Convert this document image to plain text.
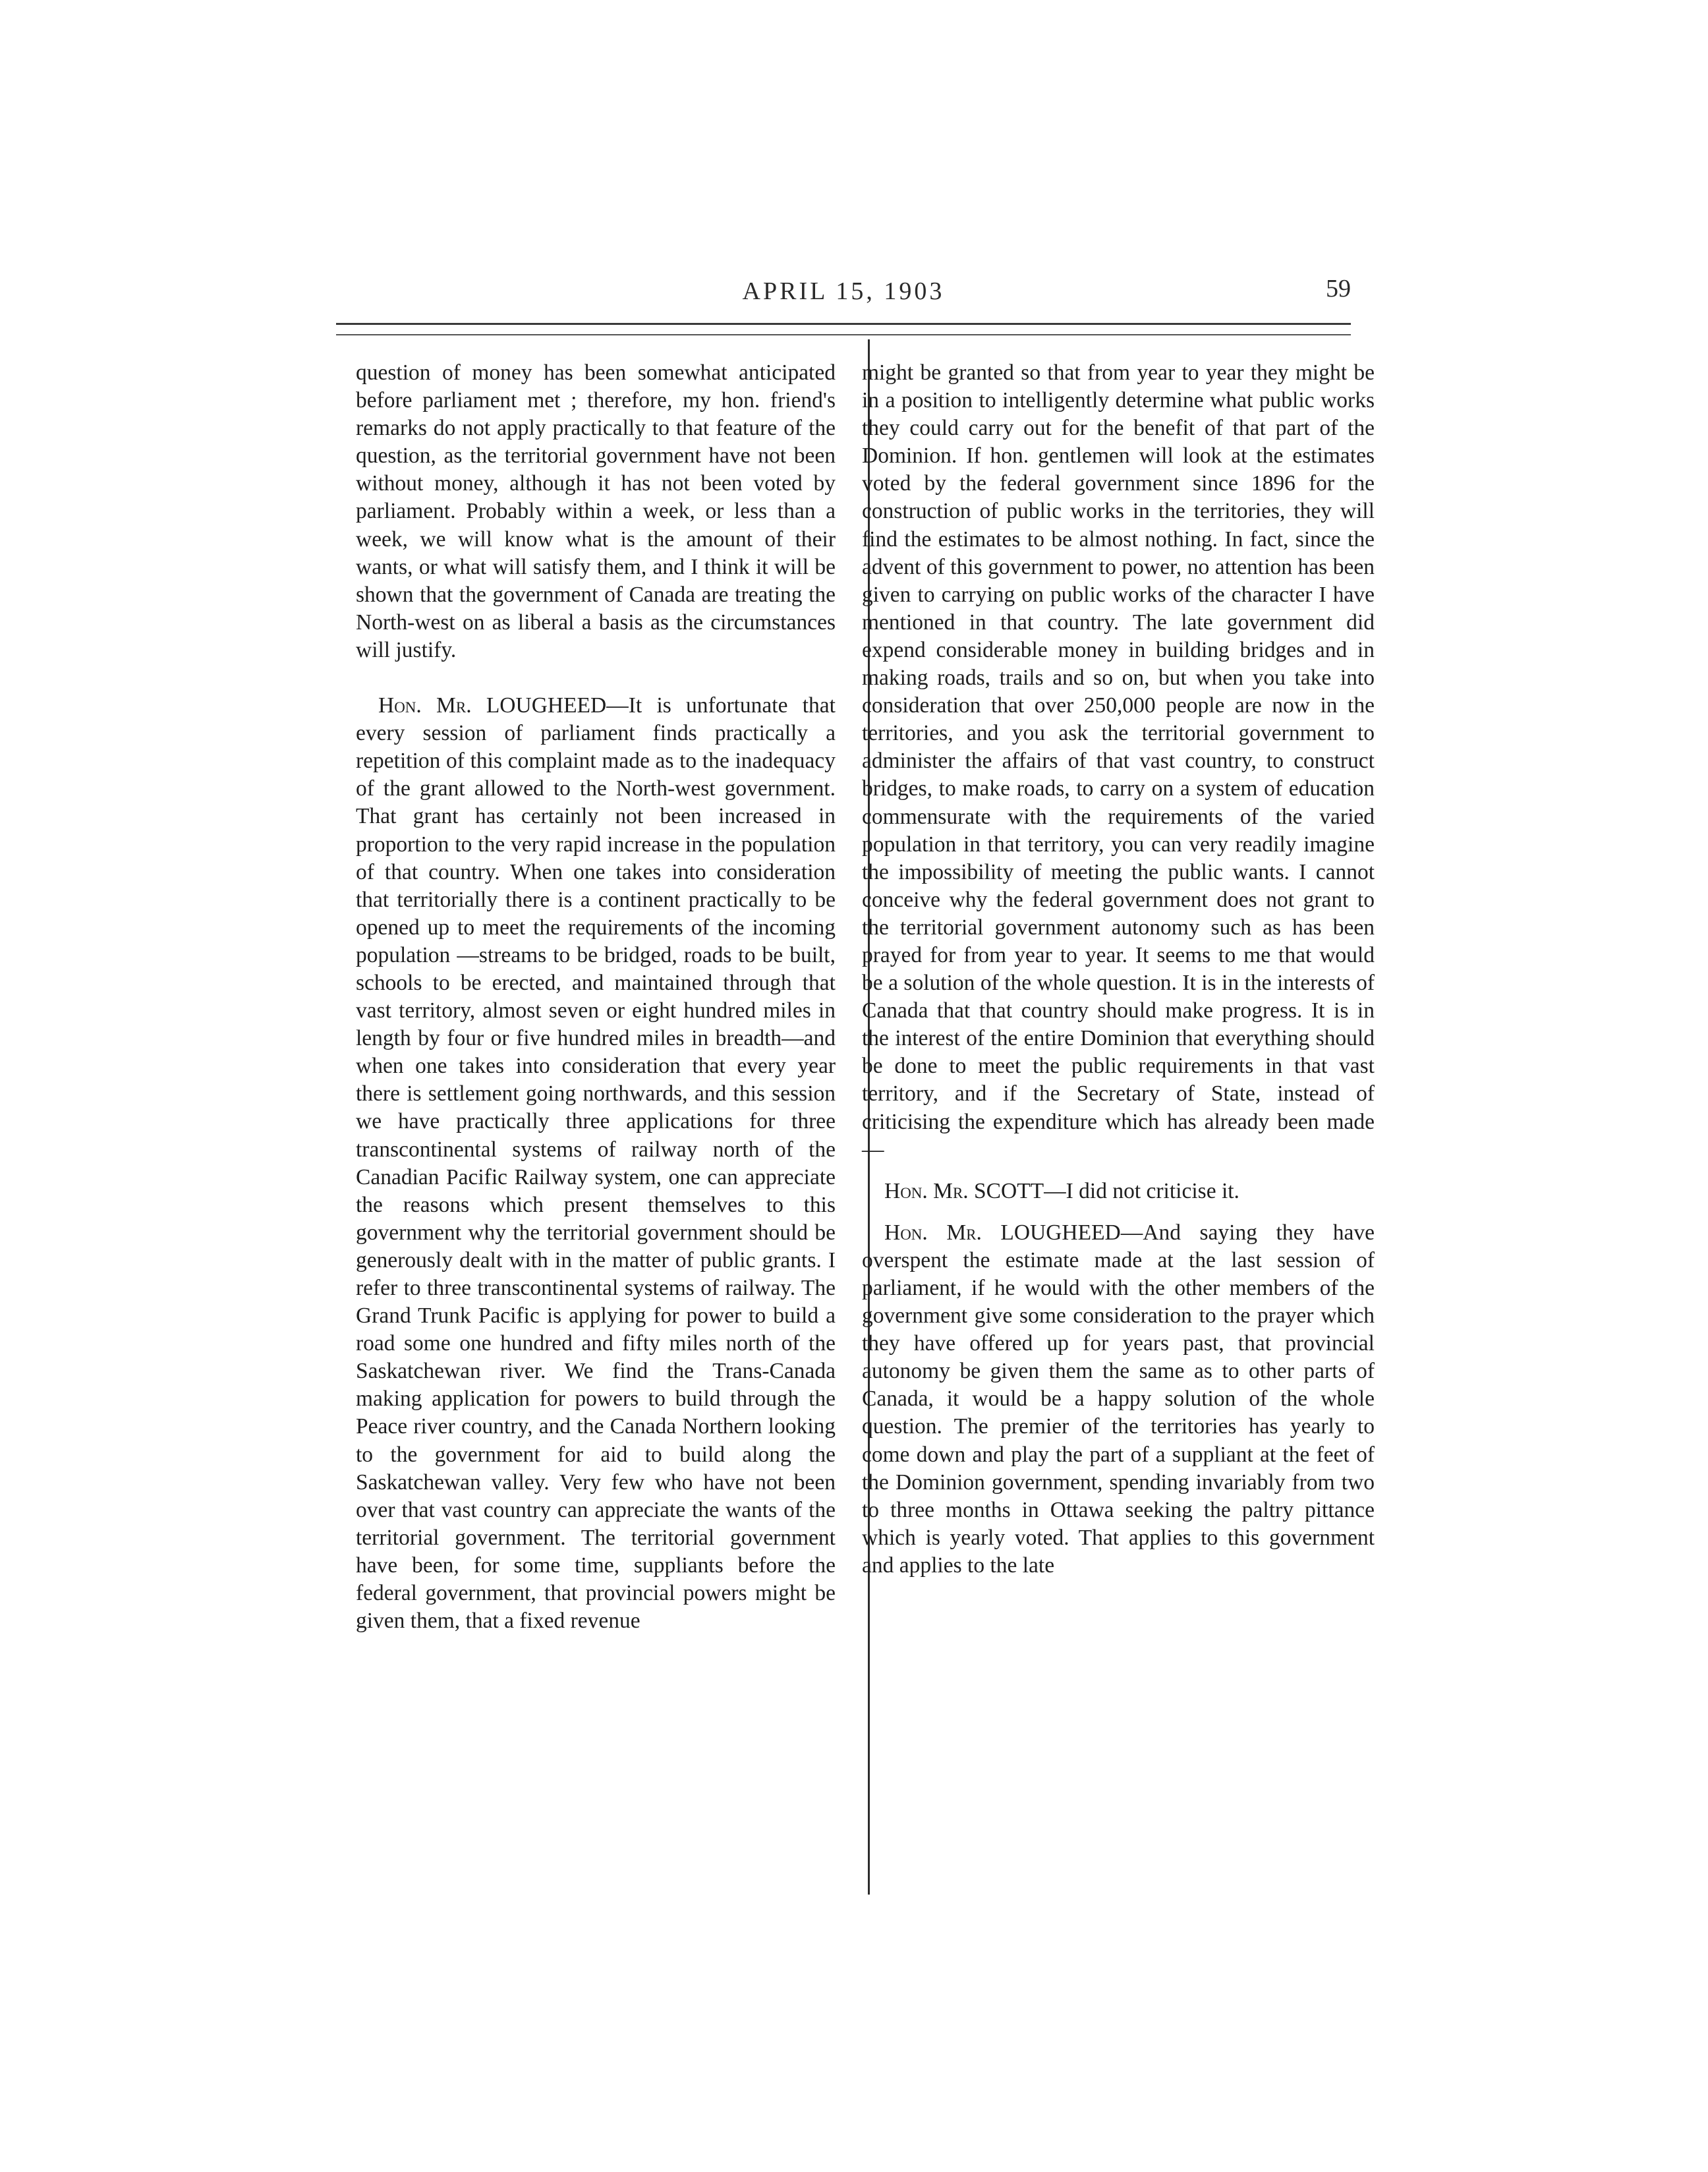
APRIL 15, 1903	59

question of money has been somewhat anticipated before parliament met ; therefore, my hon. friend's remarks do not apply practically to that feature of the question, as the territorial government have not been without money, although it has not been voted by parliament. Probably within a week, or less than a week, we will know what is the amount of their wants, or what will satisfy them, and I think it will be shown that the government of Canada are treating the North-west on as liberal a basis as the circumstances will justify.

Hon. Mr. LOUGHEED—It is unfortunate that every session of parliament finds practically a repetition of this complaint made as to the inadequacy of the grant allowed to the North-west government. That grant has certainly not been increased in proportion to the very rapid increase in the population of that country. When one takes into consideration that territorially there is a continent practically to be opened up to meet the requirements of the incoming population —streams to be bridged, roads to be built, schools to be erected, and maintained through that vast territory, almost seven or eight hundred miles in length by four or five hundred miles in breadth—and when one takes into consideration that every year there is settlement going northwards, and this session we have practically three applications for three transcontinental systems of railway north of the Canadian Pacific Railway system, one can appreciate the reasons which present themselves to this government why the territorial government should be generously dealt with in the matter of public grants. I refer to three transcontinental systems of railway. The Grand Trunk Pacific is applying for power to build a road some one hundred and fifty miles north of the Saskatchewan river. We find the Trans-Canada making application for powers to build through the Peace river country, and the Canada Northern looking to the government for aid to build along the Saskatchewan valley. Very few who have not been over that vast country can appreciate the wants of the territorial government. The territorial government have been, for some time, suppliants before the federal government, that provincial powers might be given them, that a fixed revenue

might be granted so that from year to year they might be in a position to intelligently determine what public works they could carry out for the benefit of that part of the Dominion. If hon. gentlemen will look at the estimates voted by the federal government since 1896 for the construction of public works in the territories, they will find the estimates to be almost nothing. In fact, since the advent of this government to power, no attention has been given to carrying on public works of the character I have mentioned in that country. The late government did expend considerable money in building bridges and in making roads, trails and so on, but when you take into consideration that over 250,000 people are now in the territories, and you ask the territorial government to administer the affairs of that vast country, to construct bridges, to make roads, to carry on a system of education commensurate with the requirements of the varied population in that territory, you can very readily imagine the impossibility of meeting the public wants. I cannot conceive why the federal government does not grant to the territorial government autonomy such as has been prayed for from year to year. It seems to me that would be a solution of the whole question. It is in the interests of Canada that that country should make progress. It is in the interest of the entire Dominion that everything should be done to meet the public requirements in that vast territory, and if the Secretary of State, instead of criticising the expenditure which has already been made—

Hon. Mr. SCOTT—I did not criticise it.

Hon. Mr. LOUGHEED—And saying they have overspent the estimate made at the last session of parliament, if he would with the other members of the government give some consideration to the prayer which they have offered up for years past, that provincial autonomy be given them the same as to other parts of Canada, it would be a happy solution of the whole question. The premier of the territories has yearly to come down and play the part of a suppliant at the feet of the Dominion government, spending invariably from two to three months in Ottawa seeking the paltry pittance which is yearly voted. That applies to this government and applies to the late
